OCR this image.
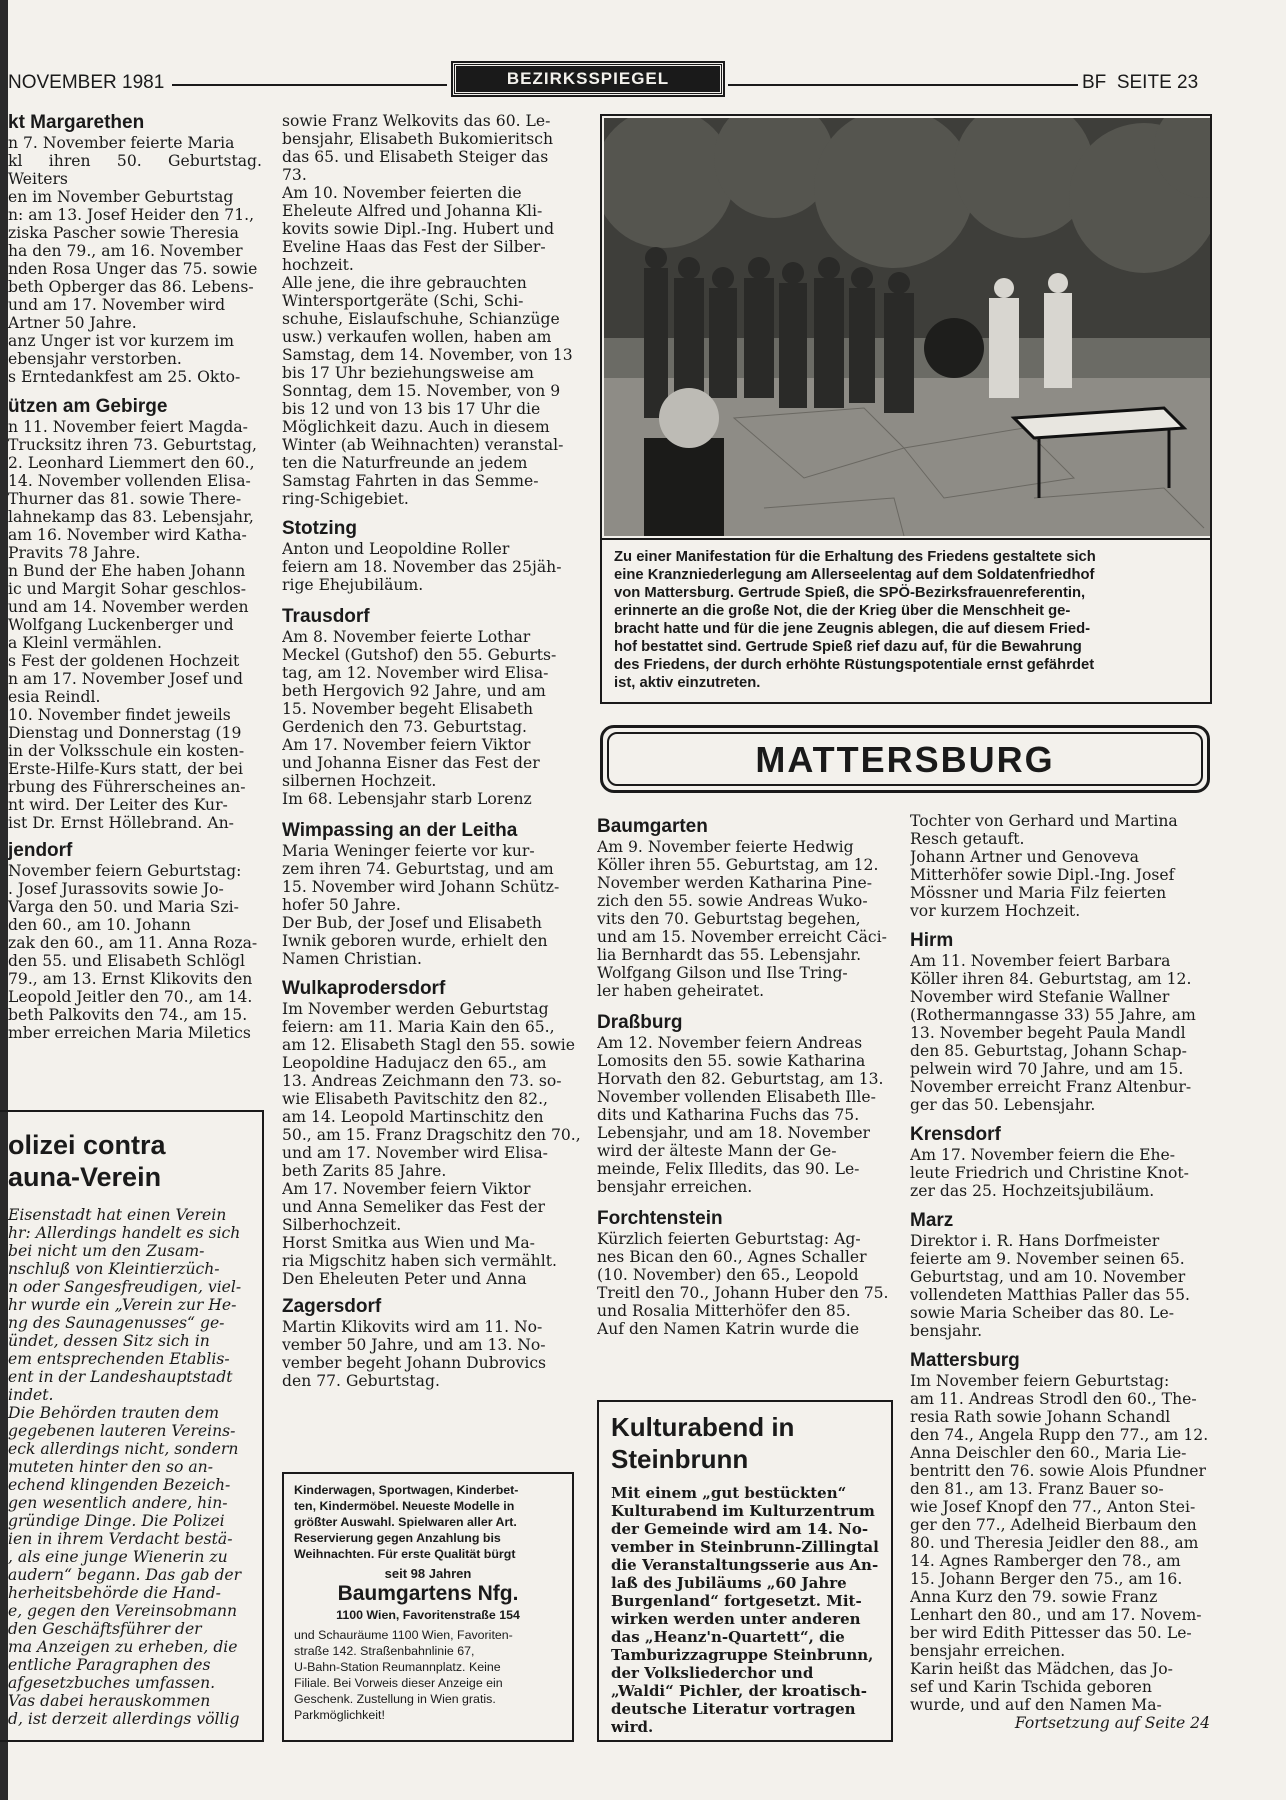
NOVEMBER 1981	BEZIRKSSPIEGEL	BF  SEITE 23
kt Margarethen
n 7. November feierte Maria
kl ihren 50. Geburtstag. Weiters
en im November Geburtstag
n: am 13. Josef Heider den 71.,
ziska Pascher sowie Theresia
ha den 79., am 16. November
nden Rosa Unger das 75. sowie
beth Opberger das 86. Lebens-
und am 17. November wird
Artner 50 Jahre.
anz Unger ist vor kurzem im
ebensjahr verstorben.
s Erntedankfest am 25. Okto-

ützen am Gebirge
n 11. November feiert Magda-
Trucksitz ihren 73. Geburtstag,
2. Leonhard Liemmert den 60.,
14. November vollenden Elisa-
Thurner das 81. sowie There-
lahnekamp das 83. Lebensjahr,
am 16. November wird Katha-
Pravits 78 Jahre.
n Bund der Ehe haben Johann
ic und Margit Sohar geschlos-
und am 14. November werden
Wolfgang Luckenberger und
a Kleinl vermählen.
s Fest der goldenen Hochzeit
n am 17. November Josef und
esia Reindl.
10. November findet jeweils
Dienstag und Donnerstag (19
in der Volksschule ein kosten-
Erste-Hilfe-Kurs statt, der bei
rbung des Führerscheines an-
nt wird. Der Leiter des Kur-
ist Dr. Ernst Höllebrand. An-

jendorf
November feiern Geburtstag:
. Josef Jurassovits sowie Jo-
Varga den 50. und Maria Szi-
den 60., am 10. Johann
zak den 60., am 11. Anna Roza-
den 55. und Elisabeth Schlögl
79., am 13. Ernst Klikovits den
Leopold Jeitler den 70., am 14.
beth Palkovits den 74., am 15.
mber erreichen Maria Miletics
olizei contra
auna-Verein
Eisenstadt hat einen Verein
hr: Allerdings handelt es sich
bei nicht um den Zusam-
nschluß von Kleintierzüch-
n oder Sangesfreudigen, viel-
hr wurde ein „Verein zur He-
ng des Saunagenusses“ ge-
ündet, dessen Sitz sich in
em entsprechenden Etablis-
ent in der Landeshauptstadt
indet.
Die Behörden trauten dem
gegebenen lauteren Vereins-
eck allerdings nicht, sondern
muteten hinter den so an-
echend klingenden Bezeich-
gen wesentlich andere, hin-
gründige Dinge. Die Polizei
ien in ihrem Verdacht bestä-
, als eine junge Wienerin zu
audern“ begann. Das gab der
herheitsbehörde die Hand-
e, gegen den Vereinsobmann
den Geschäftsführer der
ma Anzeigen zu erheben, die
entliche Paragraphen des
afgesetzbuches umfassen.
Vas dabei herauskommen
d, ist derzeit allerdings völlig

sowie Franz Welkovits das 60. Le-
bensjahr, Elisabeth Bukomieritsch
das 65. und Elisabeth Steiger das
73.
Am 10. November feierten die
Eheleute Alfred und Johanna Kli-
kovits sowie Dipl.-Ing. Hubert und
Eveline Haas das Fest der Silber-
hochzeit.
Alle jene, die ihre gebrauchten
Wintersportgeräte (Schi, Schi-
schuhe, Eislaufschuhe, Schianzüge
usw.) verkaufen wollen, haben am
Samstag, dem 14. November, von 13
bis 17 Uhr beziehungsweise am
Sonntag, dem 15. November, von 9
bis 12 und von 13 bis 17 Uhr die
Möglichkeit dazu. Auch in diesem
Winter (ab Weihnachten) veranstal-
ten die Naturfreunde an jedem
Samstag Fahrten in das Semme-
ring-Schigebiet.
Stotzing
Anton und Leopoldine Roller
feiern am 18. November das 25jäh-
rige Ehejubiläum.
Trausdorf
Am 8. November feierte Lothar
Meckel (Gutshof) den 55. Geburts-
tag, am 12. November wird Elisa-
beth Hergovich 92 Jahre, und am
15. November begeht Elisabeth
Gerdenich den 73. Geburtstag.
Am 17. November feiern Viktor
und Johanna Eisner das Fest der
silbernen Hochzeit.
Im 68. Lebensjahr starb Lorenz

Wimpassing an der Leitha
Maria Weninger feierte vor kur-
zem ihren 74. Geburtstag, und am
15. November wird Johann Schütz-
hofer 50 Jahre.
Der Bub, der Josef und Elisabeth
Iwnik geboren wurde, erhielt den
Namen Christian.
Wulkaprodersdorf
Im November werden Geburtstag
feiern: am 11. Maria Kain den 65.,
am 12. Elisabeth Stagl den 55. sowie
Leopoldine Hadujacz den 65., am
13. Andreas Zeichmann den 73. so-
wie Elisabeth Pavitschitz den 82.,
am 14. Leopold Martinschitz den
50., am 15. Franz Dragschitz den 70.,
und am 17. November wird Elisa-
beth Zarits 85 Jahre.
Am 17. November feiern Viktor
und Anna Semeliker das Fest der
Silberhochzeit.
Horst Smitka aus Wien und Ma-
ria Migschitz haben sich vermählt.
Den Eheleuten Peter und Anna

Zagersdorf
Martin Klikovits wird am 11. No-
vember 50 Jahre, und am 13. No-
vember begeht Johann Dubrovics
den 77. Geburtstag.
Kinderwagen, Sportwagen, Kinderbet-
ten, Kindermöbel. Neueste Modelle in
größter Auswahl. Spielwaren aller Art.
Reservierung gegen Anzahlung bis
Weihnachten. Für erste Qualität bürgt
seit 98 Jahren
Baumgartens Nfg.
1100 Wien, Favoritenstraße 154
und Schauräume 1100 Wien, Favoriten-
straße 142. Straßenbahnlinie 67,
U-Bahn-Station Reumannplatz. Keine
Filiale. Bei Vorweis dieser Anzeige ein
Geschenk. Zustellung in Wien gratis.
Parkmöglichkeit!
Zu einer Manifestation für die Erhaltung des Friedens gestaltete sich
eine Kranzniederlegung am Allerseelentag auf dem Soldatenfriedhof
von Mattersburg. Gertrude Spieß, die SPÖ-Bezirksfrauenreferentin,
erinnerte an die große Not, die der Krieg über die Menschheit ge-
bracht hatte und für die jene Zeugnis ablegen, die auf diesem Fried-
hof bestattet sind. Gertrude Spieß rief dazu auf, für die Bewahrung
des Friedens, der durch erhöhte Rüstungspotentiale ernst gefährdet
ist, aktiv einzutreten.
MATTERSBURG
Baumgarten
Am 9. November feierte Hedwig
Köller ihren 55. Geburtstag, am 12.
November werden Katharina Pine-
zich den 55. sowie Andreas Wuko-
vits den 70. Geburtstag begehen,
und am 15. November erreicht Cäci-
lia Bernhardt das 55. Lebensjahr.
Wolfgang Gilson und Ilse Tring-
ler haben geheiratet.
Draßburg
Am 12. November feiern Andreas
Lomosits den 55. sowie Katharina
Horvath den 82. Geburtstag, am 13.
November vollenden Elisabeth Ille-
dits und Katharina Fuchs das 75.
Lebensjahr, und am 18. November
wird der älteste Mann der Ge-
meinde, Felix Illedits, das 90. Le-
bensjahr erreichen.
Forchtenstein
Kürzlich feierten Geburtstag: Ag-
nes Bican den 60., Agnes Schaller
(10. November) den 65., Leopold
Treitl den 70., Johann Huber den 75.
und Rosalia Mitterhöfer den 85.
Auf den Namen Katrin wurde die
Kulturabend in
Steinbrunn
Mit einem „gut bestückten“
Kulturabend im Kulturzentrum
der Gemeinde wird am 14. No-
vember in Steinbrunn-Zillingtal
die Veranstaltungsserie aus An-
laß des Jubiläums „60 Jahre
Burgenland“ fortgesetzt. Mit-
wirken werden unter anderen
das „Heanz'n-Quartett“, die
Tamburizzagruppe Steinbrunn,
der Volksliederchor und
„Waldi“ Pichler, der kroatisch-
deutsche Literatur vortragen
wird.
Tochter von Gerhard und Martina
Resch getauft.
Johann Artner und Genoveva
Mitterhöfer sowie Dipl.-Ing. Josef
Mössner und Maria Filz feierten
vor kurzem Hochzeit.
Hirm
Am 11. November feiert Barbara
Köller ihren 84. Geburtstag, am 12.
November wird Stefanie Wallner
(Rothermanngasse 33) 55 Jahre, am
13. November begeht Paula Mandl
den 85. Geburtstag, Johann Schap-
pelwein wird 70 Jahre, und am 15.
November erreicht Franz Altenbur-
ger das 50. Lebensjahr.
Krensdorf
Am 17. November feiern die Ehe-
leute Friedrich und Christine Knot-
zer das 25. Hochzeitsjubiläum.
Marz
Direktor i. R. Hans Dorfmeister
feierte am 9. November seinen 65.
Geburtstag, und am 10. November
vollendeten Matthias Paller das 55.
sowie Maria Scheiber das 80. Le-
bensjahr.
Mattersburg
Im November feiern Geburtstag:
am 11. Andreas Strodl den 60., The-
resia Rath sowie Johann Schandl
den 74., Angela Rupp den 77., am 12.
Anna Deischler den 60., Maria Lie-
bentritt den 76. sowie Alois Pfundner
den 81., am 13. Franz Bauer so-
wie Josef Knopf den 77., Anton Stei-
ger den 77., Adelheid Bierbaum den
80. und Theresia Jeidler den 88., am
14. Agnes Ramberger den 78., am
15. Johann Berger den 75., am 16.
Anna Kurz den 79. sowie Franz
Lenhart den 80., und am 17. Novem-
ber wird Edith Pittesser das 50. Le-
bensjahr erreichen.
Karin heißt das Mädchen, das Jo-
sef und Karin Tschida geboren
wurde, und auf den Namen Ma-
Fortsetzung auf Seite 24
